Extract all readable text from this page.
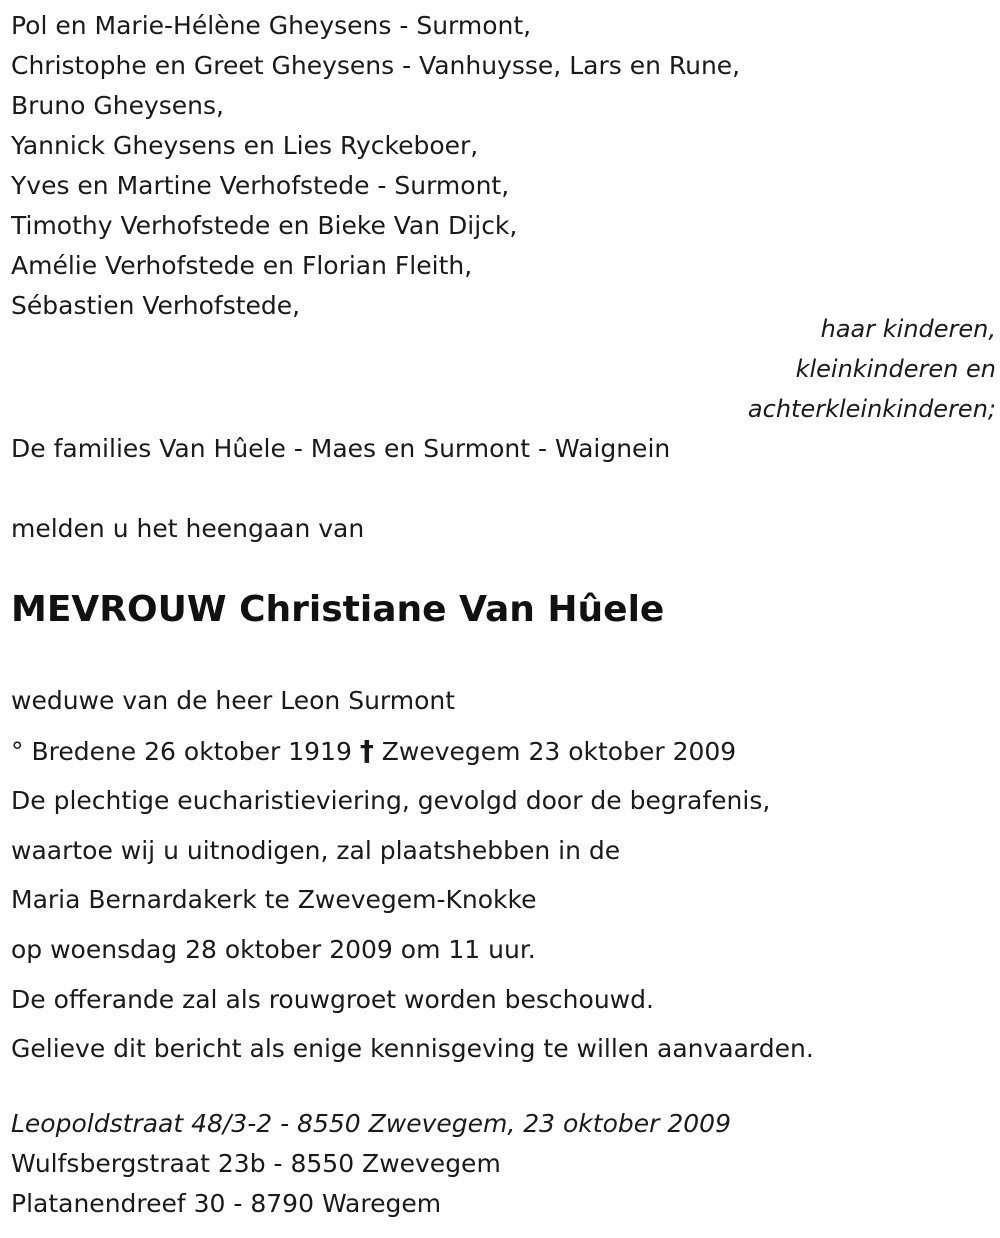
Pol en Marie-Hélène Gheysens - Surmont,
Christophe en Greet Gheysens - Vanhuysse, Lars en Rune,
Bruno Gheysens,
Yannick Gheysens en Lies Ryckeboer,
Yves en Martine Verhofstede - Surmont,
Timothy Verhofstede en Bieke Van Dijck,
Amélie Verhofstede en Florian Fleith,
Sébastien Verhofstede,
haar kinderen,
kleinkinderen en
achterkleinkinderen;
De families Van Hûele - Maes en Surmont - Waignein
melden u het heengaan van
MEVROUW Christiane Van Hûele
weduwe van de heer Leon Surmont
° Bredene 26 oktober 1919 † Zwevegem 23 oktober 2009
De plechtige eucharistieviering, gevolgd door de begrafenis,
waartoe wij u uitnodigen, zal plaatshebben in de
Maria Bernardakerk te Zwevegem-Knokke
op woensdag 28 oktober 2009 om 11 uur.
De offerande zal als rouwgroet worden beschouwd.
Gelieve dit bericht als enige kennisgeving te willen aanvaarden.
Leopoldstraat 48/3-2 - 8550 Zwevegem, 23 oktober 2009
Wulfsbergstraat 23b - 8550 Zwevegem
Platanendreef 30 - 8790 Waregem
